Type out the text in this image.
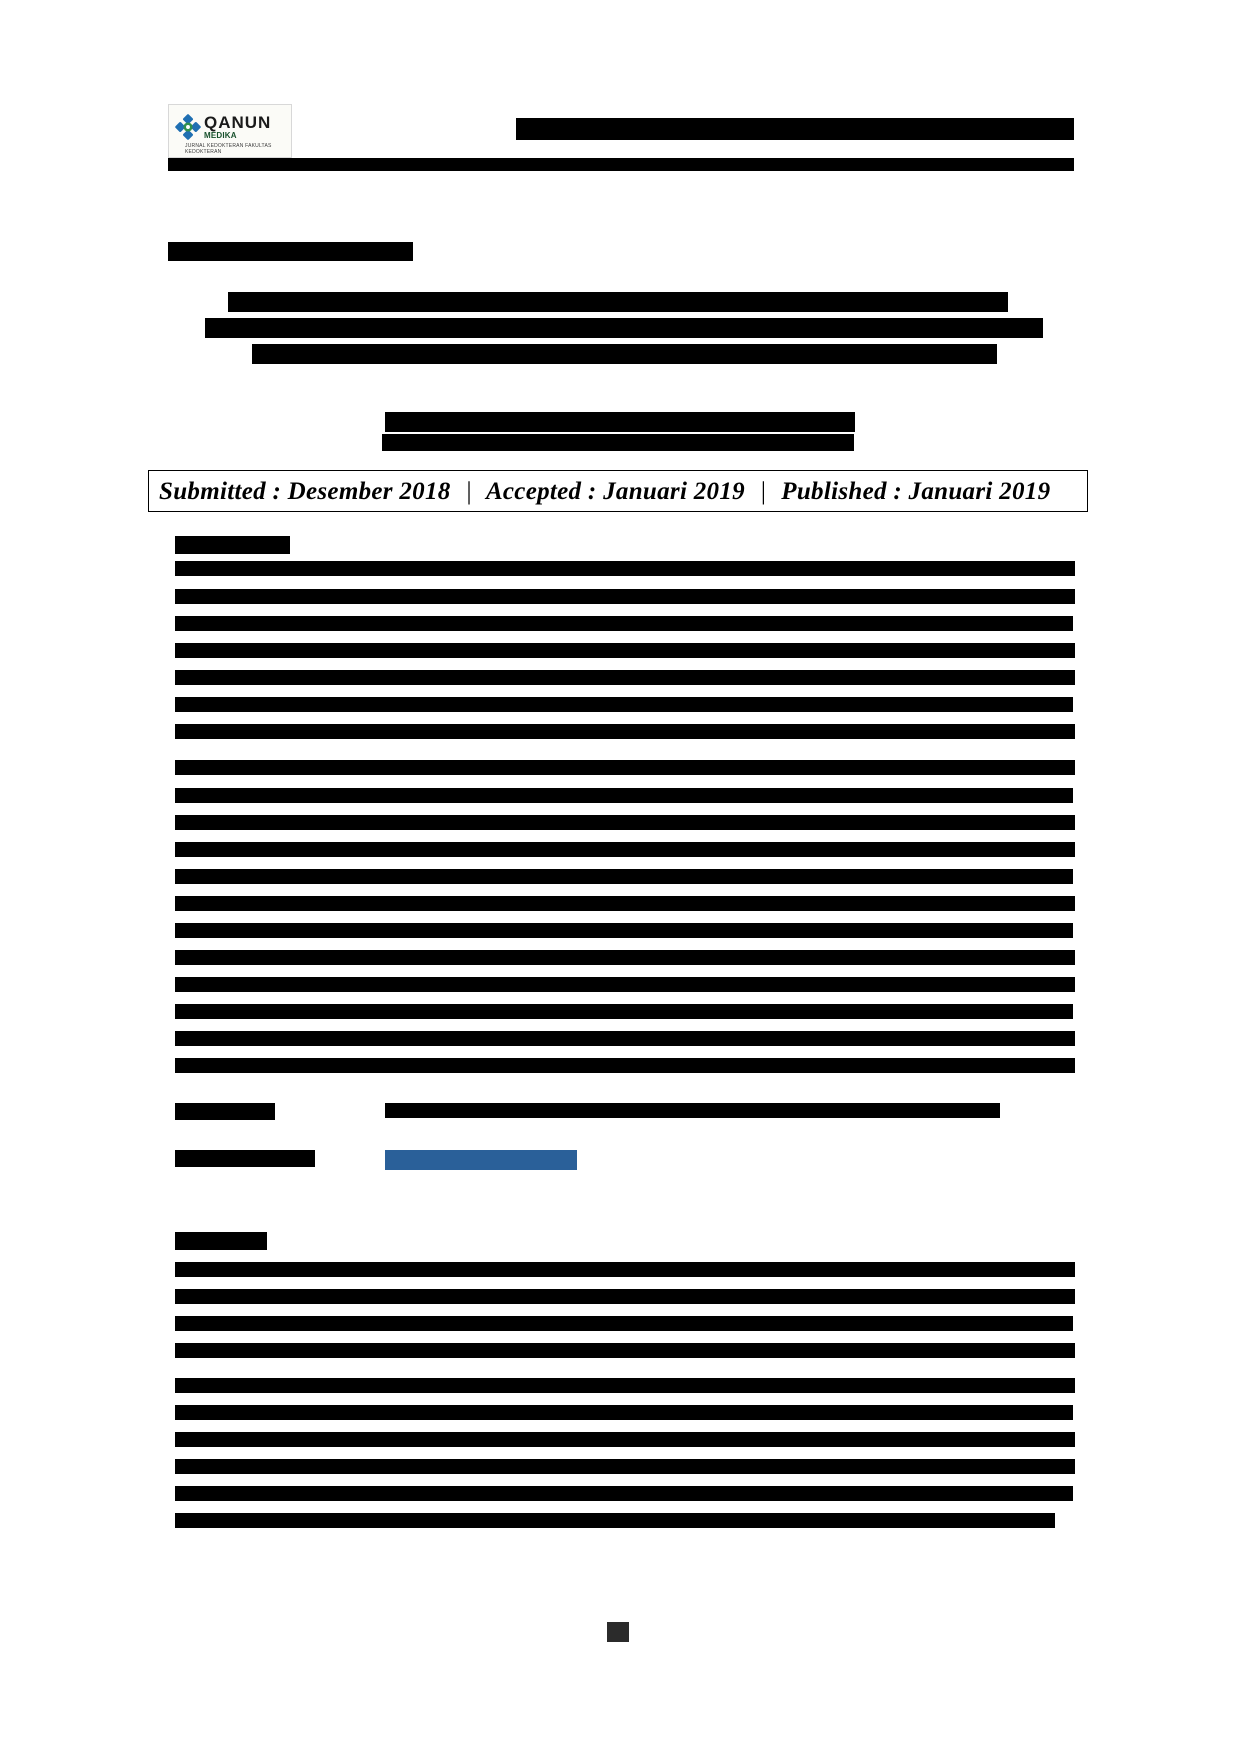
QANUN
MEDIKA
JURNAL KEDOKTERAN FAKULTAS KEDOKTERAN
Submitted : Desember 2018 | Accepted : Januari 2019 | Published : Januari 2019
